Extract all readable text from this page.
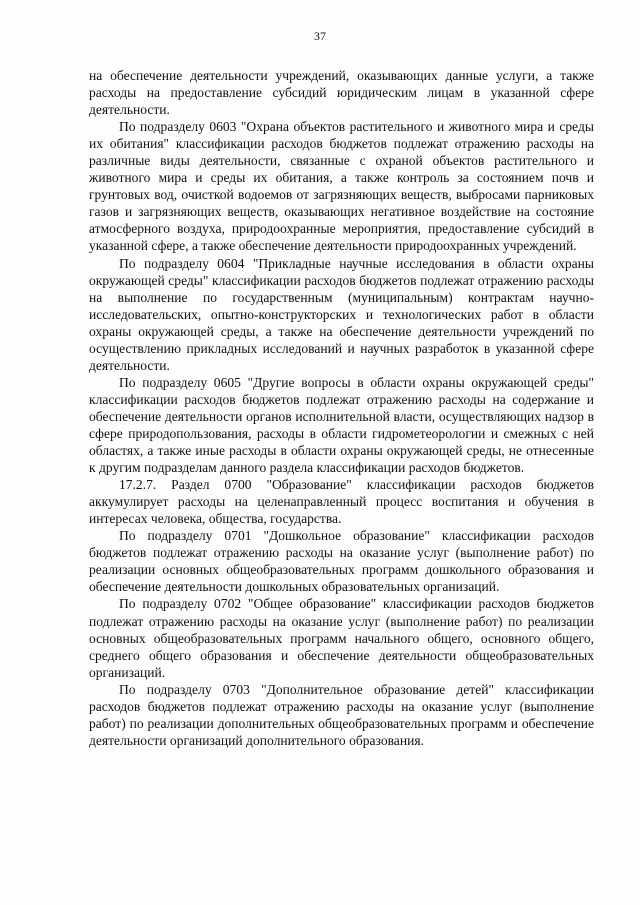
37

на обеспечение деятельности учреждений, оказывающих данные услуги, а также расходы на предоставление субсидий юридическим лицам в указанной сфере деятельности.

По подразделу 0603 "Охрана объектов растительного и животного мира и среды их обитания" классификации расходов бюджетов подлежат отражению расходы на различные виды деятельности, связанные с охраной объектов растительного и животного мира и среды их обитания, а также контроль за состоянием почв и грунтовых вод, очисткой водоемов от загрязняющих веществ, выбросами парниковых газов и загрязняющих веществ, оказывающих негативное воздействие на состояние атмосферного воздуха, природоохранные мероприятия, предоставление субсидий в указанной сфере, а также обеспечение деятельности природоохранных учреждений.

По подразделу 0604 "Прикладные научные исследования в области охраны окружающей среды" классификации расходов бюджетов подлежат отражению расходы на выполнение по государственным (муниципальным) контрактам научно-исследовательских, опытно-конструкторских и технологических работ в области охраны окружающей среды, а также на обеспечение деятельности учреждений по осуществлению прикладных исследований и научных разработок в указанной сфере деятельности.

По подразделу 0605 "Другие вопросы в области охраны окружающей среды" классификации расходов бюджетов подлежат отражению расходы на содержание и обеспечение деятельности органов исполнительной власти, осуществляющих надзор в сфере природопользования, расходы в области гидрометеорологии и смежных с ней областях, а также иные расходы в области охраны окружающей среды, не отнесенные к другим подразделам данного раздела классификации расходов бюджетов.

17.2.7. Раздел 0700 "Образование" классификации расходов бюджетов аккумулирует расходы на целенаправленный процесс воспитания и обучения в интересах человека, общества, государства.

По подразделу 0701 "Дошкольное образование" классификации расходов бюджетов подлежат отражению расходы на оказание услуг (выполнение работ) по реализации основных общеобразовательных программ дошкольного образования и обеспечение деятельности дошкольных образовательных организаций.

По подразделу 0702 "Общее образование" классификации расходов бюджетов подлежат отражению расходы на оказание услуг (выполнение работ) по реализации основных общеобразовательных программ начального общего, основного общего, среднего общего образования и обеспечение деятельности общеобразовательных организаций.

По подразделу 0703 "Дополнительное образование детей" классификации расходов бюджетов подлежат отражению расходы на оказание услуг (выполнение работ) по реализации дополнительных общеобразовательных программ и обеспечение деятельности организаций дополнительного образования.
